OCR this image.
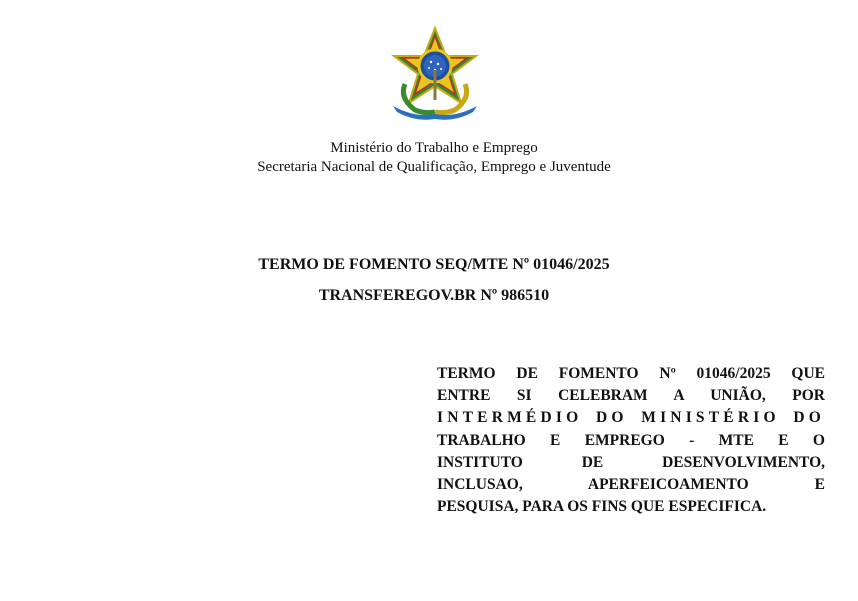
Ministério do Trabalho e Emprego
Secretaria Nacional de Qualificação, Emprego e Juventude
TERMO DE FOMENTO SEQ/MTE Nº 01046/2025
TRANSFEREGOV.BR Nº 986510
TERMO DE FOMENTO Nº 01046/2025 QUE
ENTRE SI CELEBRAM A UNIÃO, POR
INTERMÉDIO DO MINISTÉRIO DO
TRABALHO E EMPREGO - MTE E O
INSTITUTO DE DESENVOLVIMENTO,
INCLUSAO, APERFEICOAMENTO E
PESQUISA, PARA OS FINS QUE ESPECIFICA.
